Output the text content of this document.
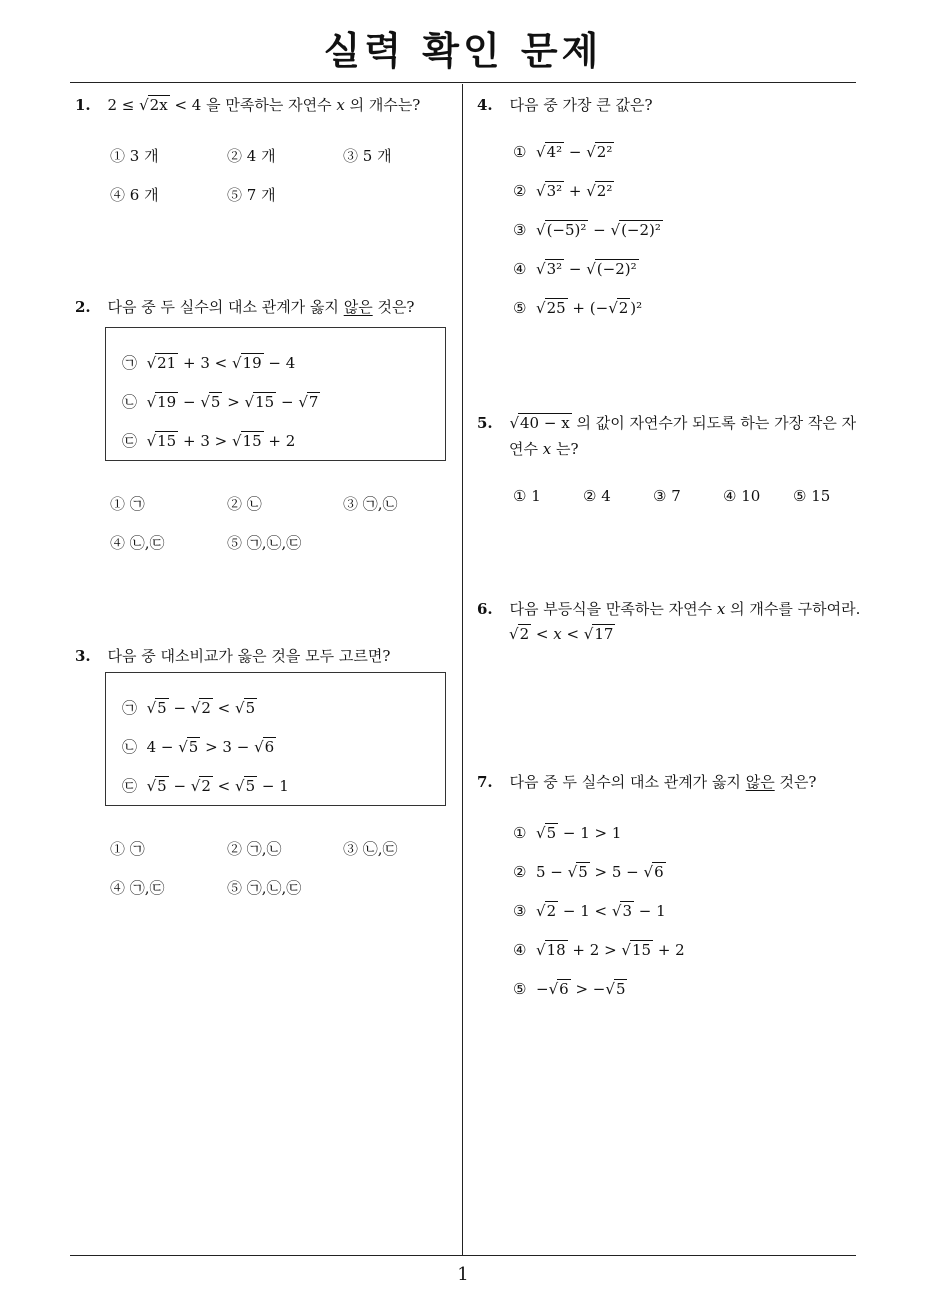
실력 확인 문제
1
1. 2 ≤ √2x < 4 을 만족하는 자연수 x 의 개수는?
① 3 개	② 4 개	③ 5 개
④ 6 개	⑤ 7 개
2. 다음 중 두 실수의 대소 관계가 옳지 않은 것은?
㉠ √21 + 3 < √19 − 4
㉡ √19 − √5 > √15 − √7
㉢ √15 + 3 > √15 + 2
① ㉠	② ㉡	③ ㉠,㉡
④ ㉡,㉢	⑤ ㉠,㉡,㉢
3. 다음 중 대소비교가 옳은 것을 모두 고르면?
㉠ √5 − √2 < √5
㉡ 4 − √5 > 3 − √6
㉢ √5 − √2 < √5 − 1
① ㉠	② ㉠,㉡	③ ㉡,㉢
④ ㉠,㉢	⑤ ㉠,㉡,㉢
4. 다음 중 가장 큰 값은?
① √4² − √2²
② √3² + √2²
③ √(−5)² − √(−2)²
④ √3² − √(−2)²
⑤ √25 + (−√2 )²
5. √40 − x 의 값이 자연수가 되도록 하는 가장 작은 자
연수 x 는?
① 1	② 4	③ 7	④ 10 ⑤ 15
6. 다음 부등식을 만족하는 자연수 x 의 개수를 구하여라.
√2 < x < √17
7. 다음 중 두 실수의 대소 관계가 옳지 않은 것은?
① √5 − 1 > 1
② 5 − √5 > 5 − √6
③ √2 − 1 < √3 − 1
④ √18 + 2 > √15 + 2
⑤ −√6 > −√5
